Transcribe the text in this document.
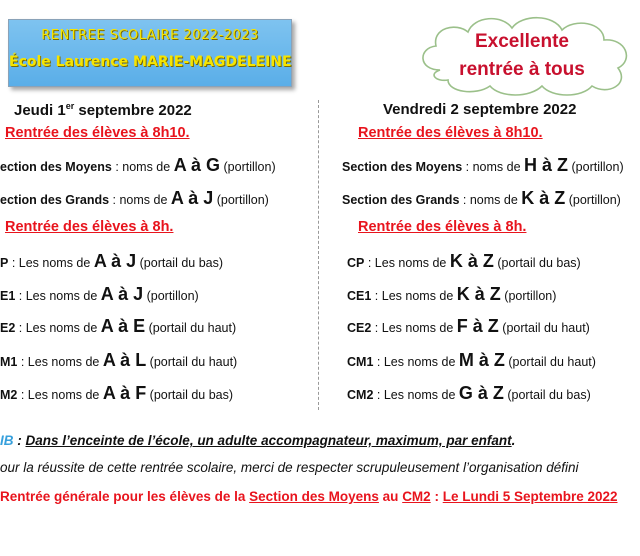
RENTREE SCOLAIRE 2022-2023
École Laurence MARIE-MAGDELEINE
Excellente
rentrée à tous
Jeudi 1er septembre 2022
Rentrée des élèves à 8h10.
Vendredi 2 septembre 2022
Rentrée des élèves à 8h10.
ection des Moyens : noms de A à G (portillon)
ection des Grands : noms de A à J (portillon)
Rentrée des élèves à 8h.
P : Les noms de A à J (portail du bas)
E1 : Les noms de A à J (portillon)
E2 : Les noms de A à E (portail du haut)
M1 : Les noms de A à L (portail du haut)
M2 : Les noms de A à F (portail du bas)
Section des Moyens : noms de H à Z (portillon)
Section des Grands : noms de K à Z (portillon)
Rentrée des élèves à 8h.
CP : Les noms de K à Z (portail du bas)
CE1 : Les noms de K à Z (portillon)
CE2 : Les noms de F à Z (portail du haut)
CM1 : Les noms de M à Z (portail du haut)
CM2 : Les noms de G à Z (portail du bas)
IB : Dans l’enceinte de l’école, un adulte accompagnateur, maximum, par enfant.
our la réussite de cette rentrée scolaire, merci de respecter scrupuleusement l’organisation défini
Rentrée générale pour les élèves de la Section des Moyens au CM2 : Le Lundi 5 Septembre 2022
